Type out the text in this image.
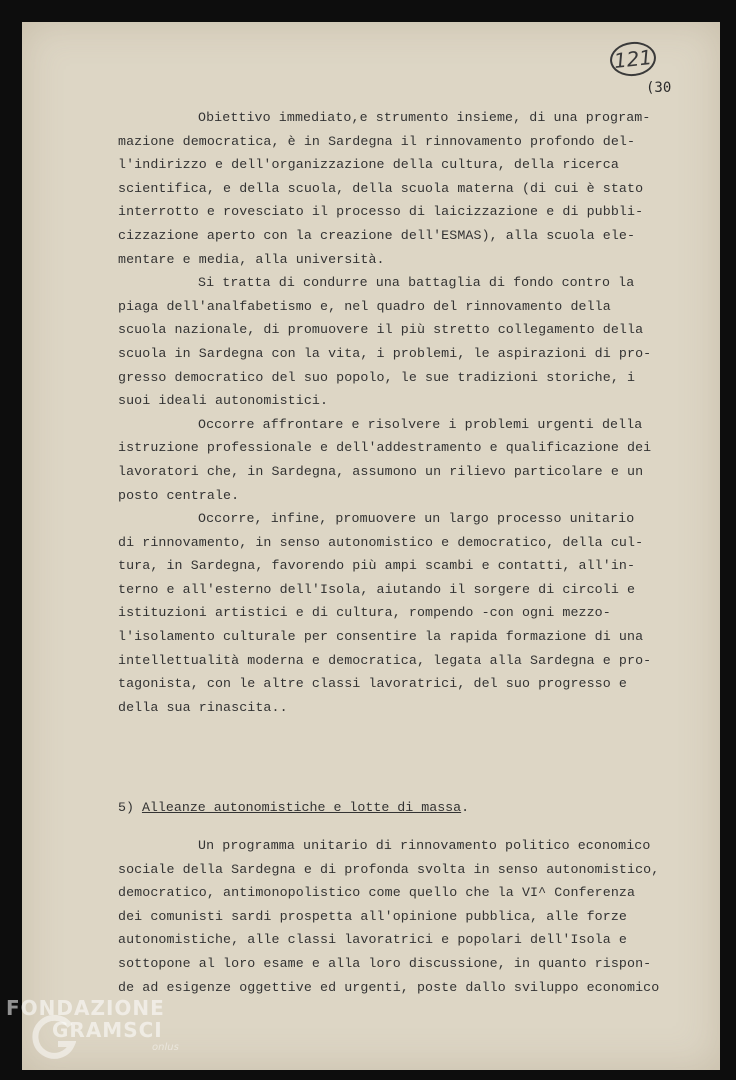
121
(30
Obiettivo immediato,e strumento insieme, di una program-
mazione democratica, è in Sardegna il rinnovamento profondo del-
l'indirizzo e dell'organizzazione della cultura, della ricerca
scientifica, e della scuola, della scuola materna (di cui è stato
interrotto e rovesciato il processo di laicizzazione e di pubbli-
cizzazione aperto con la creazione dell'ESMAS), alla scuola ele-
mentare e media, alla università.
Si tratta di condurre una battaglia di fondo contro la
piaga dell'analfabetismo e, nel quadro del rinnovamento della
scuola nazionale, di promuovere il più stretto collegamento della
scuola in Sardegna con la vita, i problemi, le aspirazioni di pro-
gresso democratico del suo popolo, le sue tradizioni storiche, i
suoi ideali autonomistici.
Occorre affrontare e risolvere i problemi urgenti della
istruzione professionale e dell'addestramento e qualificazione dei
lavoratori che, in Sardegna, assumono un rilievo particolare e un
posto centrale.
Occorre, infine, promuovere un largo processo unitario
di rinnovamento, in senso autonomistico e democratico, della cul-
tura, in Sardegna, favorendo più ampi scambi e contatti, all'in-
terno e all'esterno dell'Isola, aiutando il sorgere di circoli e
istituzioni artistici e di cultura, rompendo -con ogni mezzo-
l'isolamento culturale per consentire la rapida formazione di una
intellettualità moderna e democratica, legata alla Sardegna e pro-
tagonista, con le altre classi lavoratrici, del suo progresso e
della sua rinascita..
5) Alleanze autonomistiche e lotte di massa.
Un programma unitario di rinnovamento politico economico
sociale della Sardegna e di profonda svolta in senso autonomistico,
democratico, antimonopolistico come quello che la VI^ Conferenza
dei comunisti sardi prospetta all'opinione pubblica, alle forze
autonomistiche, alle classi lavoratrici e popolari dell'Isola e
sottopone al loro esame e alla loro discussione, in quanto rispon-
de ad esigenze oggettive ed urgenti, poste dallo sviluppo economico
FONDAZIONE
GRAMSCI
onlus
